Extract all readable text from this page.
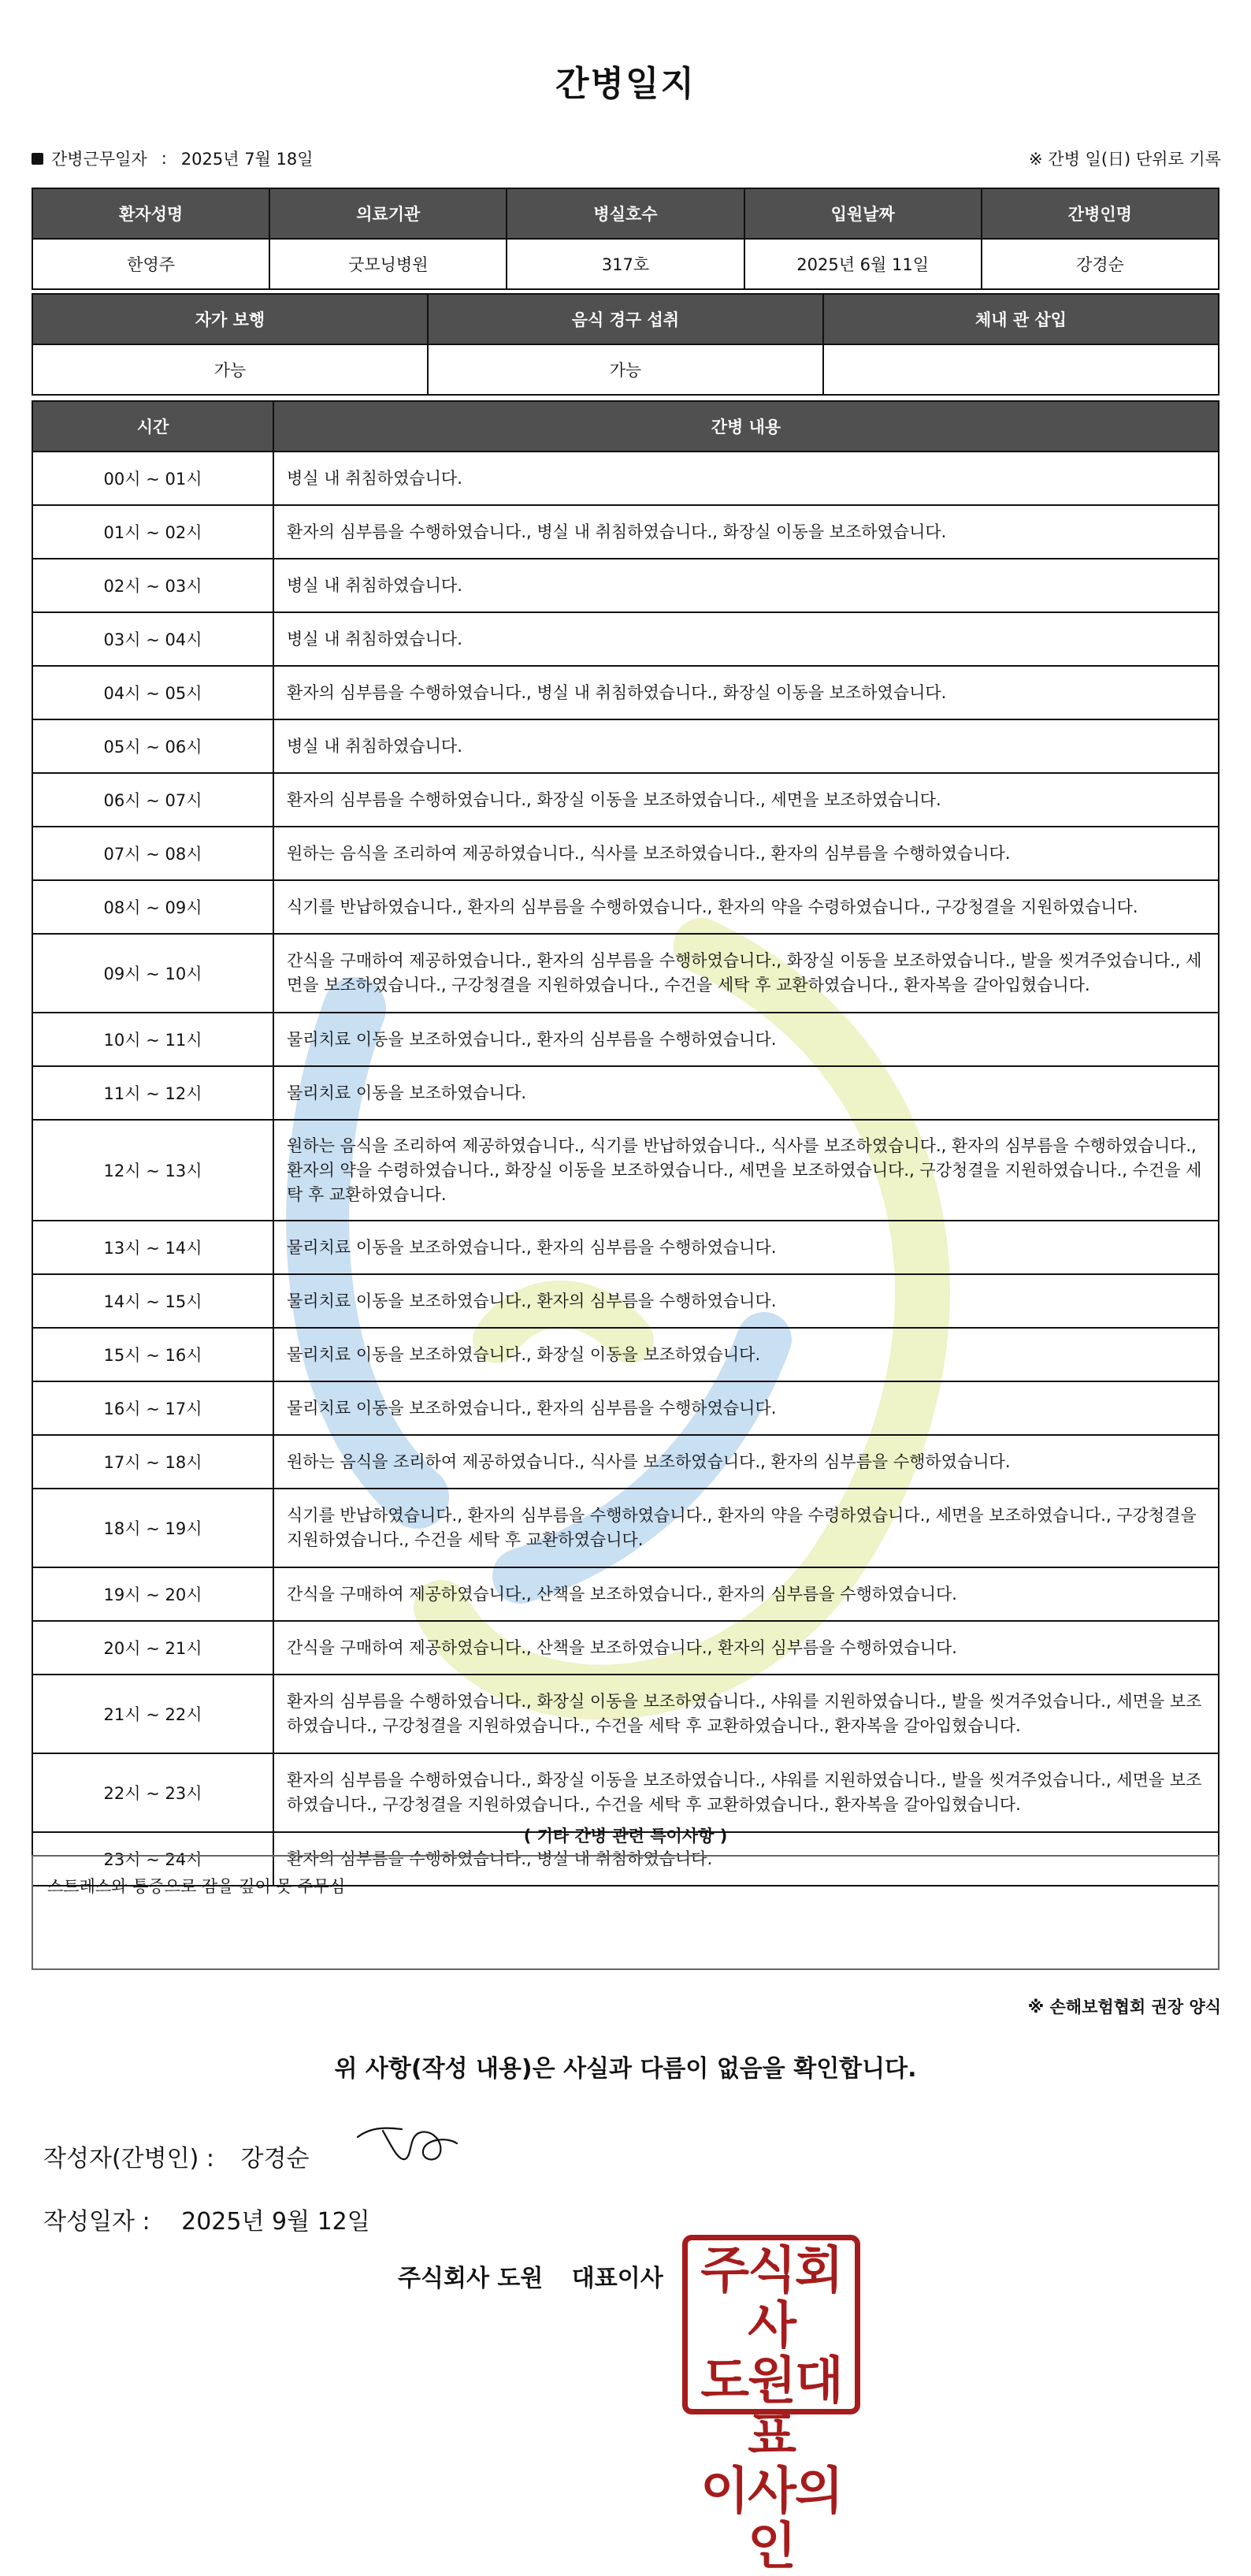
간병일지
간병근무일자 : 2025년 7월 18일	※ 간병 일(日) 단위로 기록
환자성명	의료기관	병실호수	입원날짜	간병인명
한영주	굿모닝병원	317호	2025년 6월 11일	강경순
자가 보행	음식 경구 섭취	체내 관 삽입
가능	가능	
시간	간병 내용
00시 ~ 01시	병실 내 취침하였습니다.
01시 ~ 02시	환자의 심부름을 수행하였습니다., 병실 내 취침하였습니다., 화장실 이동을 보조하였습니다.
02시 ~ 03시	병실 내 취침하였습니다.
03시 ~ 04시	병실 내 취침하였습니다.
04시 ~ 05시	환자의 심부름을 수행하였습니다., 병실 내 취침하였습니다., 화장실 이동을 보조하였습니다.
05시 ~ 06시	병실 내 취침하였습니다.
06시 ~ 07시	환자의 심부름을 수행하였습니다., 화장실 이동을 보조하였습니다., 세면을 보조하였습니다.
07시 ~ 08시	원하는 음식을 조리하여 제공하였습니다., 식사를 보조하였습니다., 환자의 심부름을 수행하였습니다.
08시 ~ 09시	식기를 반납하였습니다., 환자의 심부름을 수행하였습니다., 환자의 약을 수령하였습니다., 구강청결을 지원하였습니다.
09시 ~ 10시	간식을 구매하여 제공하였습니다., 환자의 심부름을 수행하였습니다., 화장실 이동을 보조하였습니다., 발을 씻겨주었습니다., 세면을 보조하였습니다., 구강청결을 지원하였습니다., 수건을 세탁 후 교환하였습니다., 환자복을 갈아입혔습니다.
10시 ~ 11시	물리치료 이동을 보조하였습니다., 환자의 심부름을 수행하였습니다.
11시 ~ 12시	물리치료 이동을 보조하였습니다.
12시 ~ 13시	원하는 음식을 조리하여 제공하였습니다., 식기를 반납하였습니다., 식사를 보조하였습니다., 환자의 심부름을 수행하였습니다., 환자의 약을 수령하였습니다., 화장실 이동을 보조하였습니다., 세면을 보조하였습니다., 구강청결을 지원하였습니다., 수건을 세탁 후 교환하였습니다.
13시 ~ 14시	물리치료 이동을 보조하였습니다., 환자의 심부름을 수행하였습니다.
14시 ~ 15시	물리치료 이동을 보조하였습니다., 환자의 심부름을 수행하였습니다.
15시 ~ 16시	물리치료 이동을 보조하였습니다., 화장실 이동을 보조하였습니다.
16시 ~ 17시	물리치료 이동을 보조하였습니다., 환자의 심부름을 수행하였습니다.
17시 ~ 18시	원하는 음식을 조리하여 제공하였습니다., 식사를 보조하였습니다., 환자의 심부름을 수행하였습니다.
18시 ~ 19시	식기를 반납하였습니다., 환자의 심부름을 수행하였습니다., 환자의 약을 수령하였습니다., 세면을 보조하였습니다., 구강청결을 지원하였습니다., 수건을 세탁 후 교환하였습니다.
19시 ~ 20시	간식을 구매하여 제공하였습니다., 산책을 보조하였습니다., 환자의 심부름을 수행하였습니다.
20시 ~ 21시	간식을 구매하여 제공하였습니다., 산책을 보조하였습니다., 환자의 심부름을 수행하였습니다.
21시 ~ 22시	환자의 심부름을 수행하였습니다., 화장실 이동을 보조하였습니다., 샤워를 지원하였습니다., 발을 씻겨주었습니다., 세면을 보조하였습니다., 구강청결을 지원하였습니다., 수건을 세탁 후 교환하였습니다., 환자복을 갈아입혔습니다.
22시 ~ 23시	환자의 심부름을 수행하였습니다., 화장실 이동을 보조하였습니다., 샤워를 지원하였습니다., 발을 씻겨주었습니다., 세면을 보조하였습니다., 구강청결을 지원하였습니다., 수건을 세탁 후 교환하였습니다., 환자복을 갈아입혔습니다.
23시 ~ 24시	환자의 심부름을 수행하였습니다., 병실 내 취침하였습니다.
( 기타 간병 관련 특이사항 )
스트레스와 통증으로 잠을 깊이 못 주무심
※ 손해보험협회 권장 양식
위 사항(작성 내용)은 사실과 다름이 없음을 확인합니다.
작성자(간병인) : 강경순
작성일자 : 2025년 9월 12일
주식회사 도원 대표이사 주식회사
도원대표
이사의인
